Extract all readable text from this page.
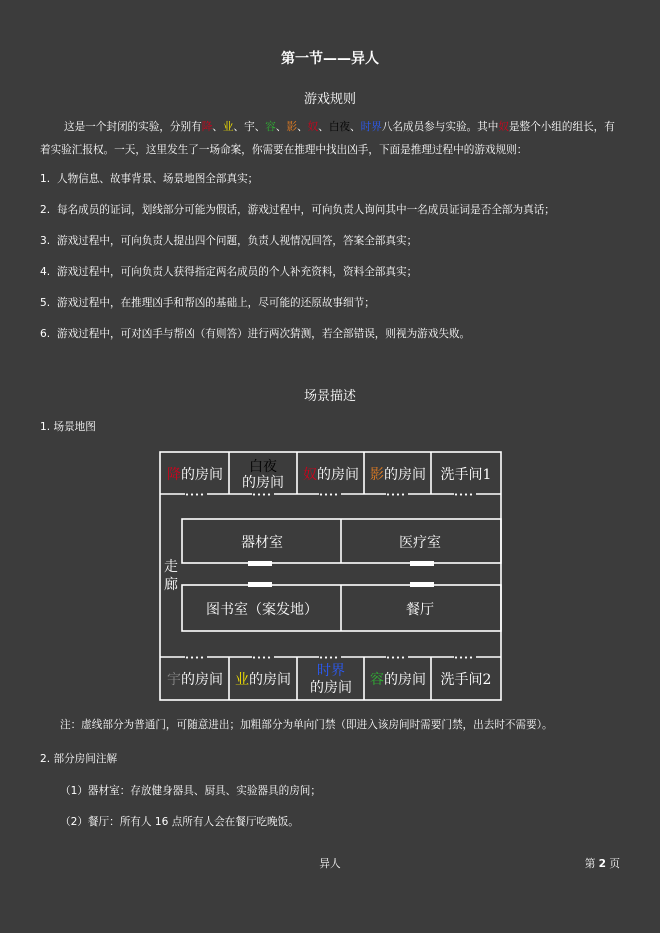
第一节——异人
游戏规则
这是一个封闭的实验，分别有降、业、宇、容、影、奴、白夜、时界八名成员参与实验。其中奴是整个小组的组长，有着实验汇报权。一天，这里发生了一场命案，你需要在推理中找出凶手，下面是推理过程中的游戏规则：
1. 人物信息、故事背景、场景地图全部真实；
2. 每名成员的证词，划线部分可能为假话，游戏过程中，可向负责人询问其中一名成员证词是否全部为真话；
3. 游戏过程中，可向负责人提出四个问题，负责人视情况回答，答案全部真实；
4. 游戏过程中，可向负责人获得指定两名成员的个人补充资料，资料全部真实；
5. 游戏过程中，在推理凶手和帮凶的基础上，尽可能的还原故事细节；
6. 游戏过程中，可对凶手与帮凶（有则答）进行两次猜测，若全部错误，则视为游戏失败。
场景描述
1. 场景地图
降的房间 白夜
的房间 奴的房间 影的房间 洗手间1
器材室	医疗室
图书室（案发地）	餐厅
走
廊
宇的房间 业的房间
时界
的房间 容的房间 洗手间2
注：虚线部分为普通门，可随意进出；加粗部分为单向门禁（即进入该房间时需要门禁，出去时不需要）。
2. 部分房间注解
（1）器材室：存放健身器具、厨具、实验器具的房间；
（2）餐厅：所有人 16 点所有人会在餐厅吃晚饭。
异人	第 2 页
